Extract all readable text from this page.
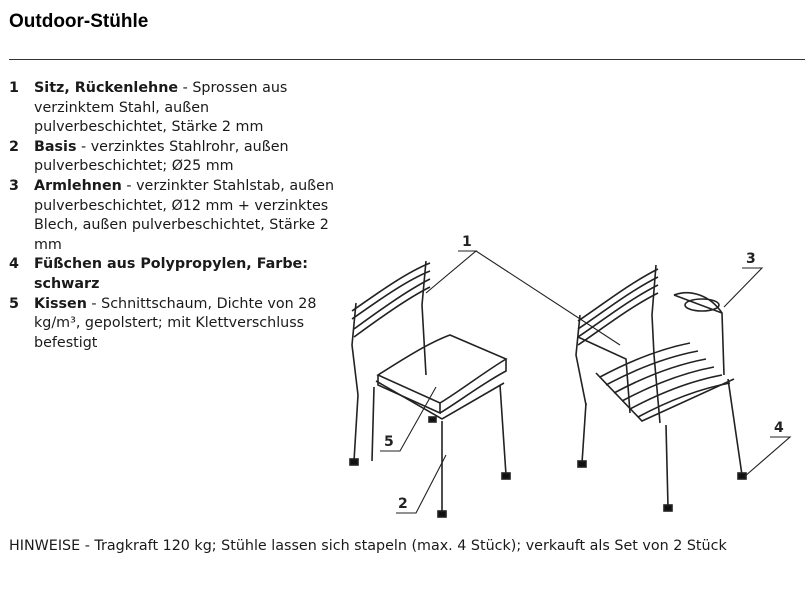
Outdoor-Stühle
1 Sitz, Rückenlehne - Sprossen aus verzinktem Stahl, außen pulverbeschichtet, Stärke 2 mm
2 Basis - verzinktes Stahlrohr, außen pulverbeschichtet; Ø25 mm
3 Armlehnen - verzinkter Stahlstab, außen pulverbeschichtet, Ø12 mm + verzinktes Blech, außen pulverbeschichtet, Stärke 2 mm
4 Füßchen aus Polypropylen, Farbe: schwarz
5 Kissen - Schnittschaum, Dichte von 28 kg/m³, gepolstert; mit Klettverschluss befestigt
1
3
4
5
2

HINWEISE - Tragkraft 120 kg; Stühle lassen sich stapeln (max. 4 Stück); verkauft als Set von 2 Stück
